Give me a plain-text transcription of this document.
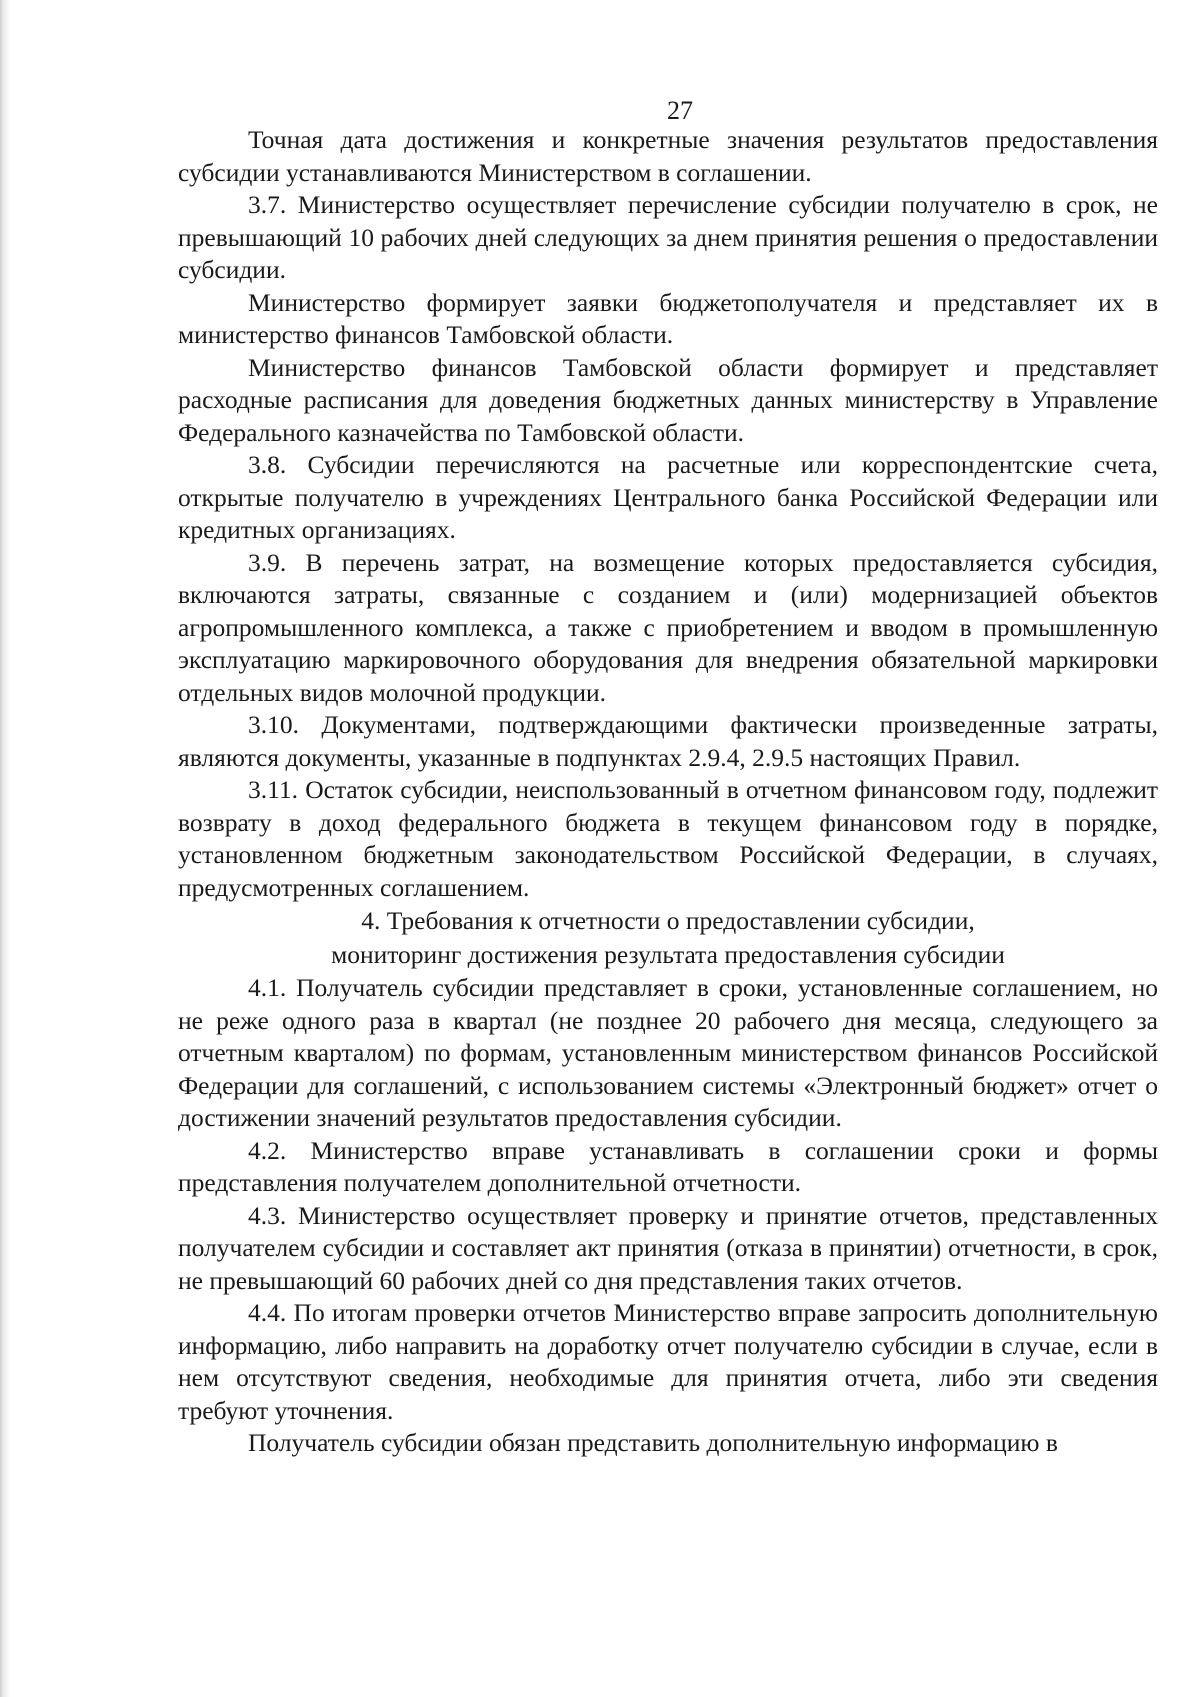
27

Точная дата достижения и конкретные значения результатов предоставления субсидии устанавливаются Министерством в соглашении.

3.7. Министерство осуществляет перечисление субсидии получателю в срок, не превышающий 10 рабочих дней следующих за днем принятия решения о предоставлении субсидии.

Министерство формирует заявки бюджетополучателя и представляет их в министерство финансов Тамбовской области.

Министерство финансов Тамбовской области формирует и представляет расходные расписания для доведения бюджетных данных министерству в Управление Федерального казначейства по Тамбовской области.

3.8. Субсидии перечисляются на расчетные или корреспондентские счета, открытые получателю в учреждениях Центрального банка Российской Федерации или кредитных организациях.

3.9. В перечень затрат, на возмещение которых предоставляется субсидия, включаются затраты, связанные с созданием и (или) модернизацией объектов агропромышленного комплекса, а также с приобретением и вводом в промышленную эксплуатацию маркировочного оборудования для внедрения обязательной маркировки отдельных видов молочной продукции.

3.10. Документами, подтверждающими фактически произведенные затраты, являются документы, указанные в подпунктах 2.9.4, 2.9.5 настоящих Правил.

3.11. Остаток субсидии, неиспользованный в отчетном финансовом году, подлежит возврату в доход федерального бюджета в текущем финансовом году в порядке, установленном бюджетным законодательством Российской Федерации, в случаях, предусмотренных соглашением.

4. Требования к отчетности о предоставлении субсидии,
мониторинг достижения результата предоставления субсидии

4.1. Получатель субсидии представляет в сроки, установленные соглашением, но не реже одного раза в квартал (не позднее 20 рабочего дня месяца, следующего за отчетным кварталом) по формам, установленным министерством финансов Российской Федерации для соглашений, с использованием системы «Электронный бюджет» отчет о достижении значений результатов предоставления субсидии.

4.2. Министерство вправе устанавливать в соглашении сроки и формы представления получателем дополнительной отчетности.

4.3. Министерство осуществляет проверку и принятие отчетов, представленных получателем субсидии и составляет акт принятия (отказа в принятии) отчетности, в срок, не превышающий 60 рабочих дней со дня представления таких отчетов.

4.4. По итогам проверки отчетов Министерство вправе запросить дополнительную информацию, либо направить на доработку отчет получателю субсидии в случае, если в нем отсутствуют сведения, необходимые для принятия отчета, либо эти сведения требуют уточнения.

Получатель субсидии обязан представить дополнительную информацию в
